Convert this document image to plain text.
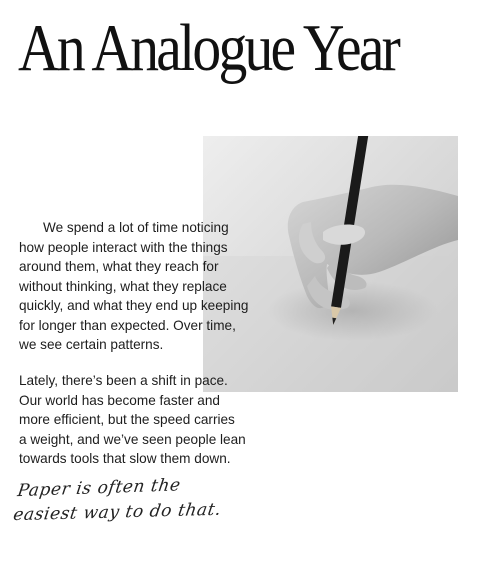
An Analogue Year
We spend a lot of time noticing
how people interact with the things
around them, what they reach for
without thinking, what they replace
quickly, and what they end up keeping
for longer than expected. Over time,
we see certain patterns.
Lately, there’s been a shift in pace.
Our world has become faster and
more efficient, but the speed carries
a weight, and we’ve seen people lean
towards tools that slow them down.
Paper is often the
easiest way to do that.
